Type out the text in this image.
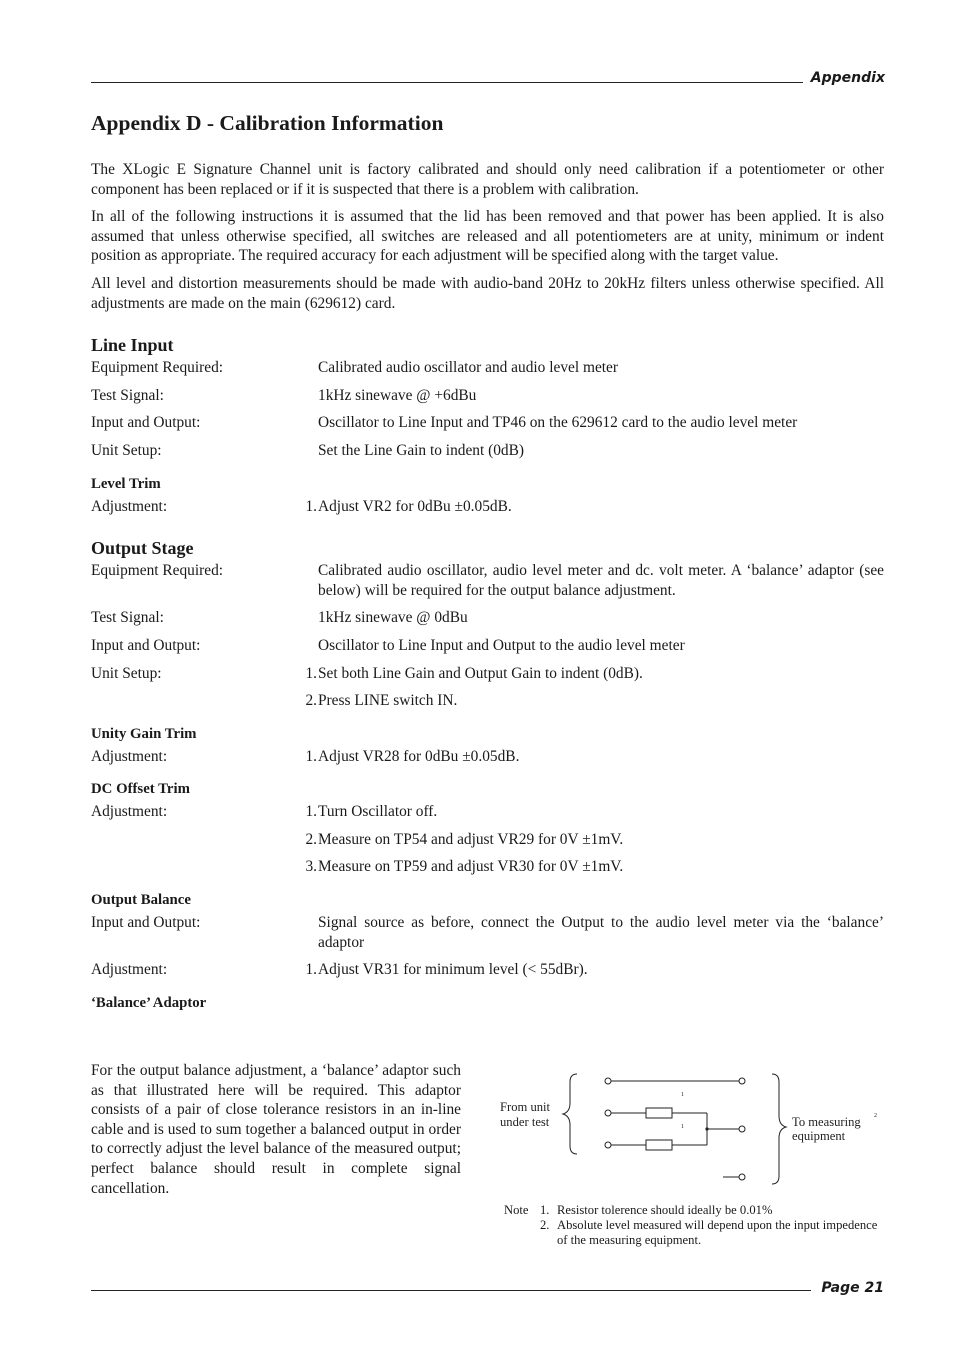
Appendix
Appendix D - Calibration Information

The XLogic E Signature Channel unit is factory calibrated and should only need calibration if a potentiometer or other component has been replaced or if it is suspected that there is a problem with calibration.

In all of the following instructions it is assumed that the lid has been removed and that power has been applied. It is also assumed that unless otherwise specified, all switches are released and all potentiometers are at unity, minimum or indent position as appropriate. The required accuracy for each adjustment will be specified along with the target value.

All level and distortion measurements should be made with audio-band 20Hz to 20kHz filters unless otherwise specified. All adjustments are made on the main (629612) card.

Line Input
Equipment Required:	Calibrated audio oscillator and audio level meter
Test Signal:	1kHz sinewave @ +6dBu
Input and Output:	Oscillator to Line Input and TP46 on the 629612 card to the audio level meter
Unit Setup:	Set the Line Gain to indent (0dB)
Level Trim
Adjustment:	1. Adjust VR2 for 0dBu ±0.05dB.
Output Stage
Equipment Required:	Calibrated audio oscillator, audio level meter and dc. volt meter. A ‘balance’ adaptor (see below) will be required for the output balance adjustment.
Test Signal:	1kHz sinewave @ 0dBu
Input and Output:	Oscillator to Line Input and Output to the audio level meter
Unit Setup:	1. Set both Line Gain and Output Gain to indent (0dB).
2. Press LINE switch IN.
Unity Gain Trim
Adjustment:	1. Adjust VR28 for 0dBu ±0.05dB.
DC Offset Trim
Adjustment:	1. Turn Oscillator off.
2. Measure on TP54 and adjust VR29 for 0V ±1mV.
3. Measure on TP59 and adjust VR30 for 0V ±1mV.
Output Balance
Input and Output:	Signal source as before, connect the Output to the audio level meter via the ‘balance’ adaptor
Adjustment:	1. Adjust VR31 for minimum level (< 55dBr).
‘Balance’ Adaptor
For the output balance adjustment, a ‘balance’ adaptor such as that illustrated here will be required. This adaptor consists of a pair of close tolerance resistors in an in-line cable and is used to sum together a balanced output in order to correctly adjust the level balance of the measured output; perfect balance should result in complete signal cancellation.
From unit
under test
1
1	To measuring 2
equipment
Note 1. Resistor tolerence should ideally be 0.01%
2. Absolute level measured will depend upon the input impedence of the measuring equipment.
Page 21
